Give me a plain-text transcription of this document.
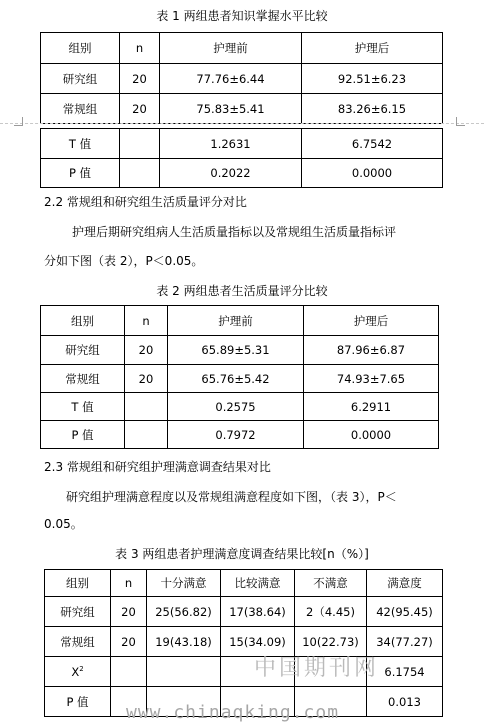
表 1 两组患者知识掌握水平比较
组别	n	护理前	护理后
研究组	20	77.76±6.44	92.51±6.23
常规组	20	75.83±5.41	83.26±6.15
T 值		1.2631	6.7542
P 值		0.2022	0.0000
2.2 常规组和研究组生活质量评分对比
护理后期研究组病人生活质量指标以及常规组生活质量指标评
分如下图（表 2），P＜0.05。
表 2 两组患者生活质量评分比较
组别	n	护理前	护理后
研究组	20	65.89±5.31	87.96±6.87
常规组	20	65.76±5.42	74.93±7.65
T 值		0.2575	6.2911
P 值		0.7972	0.0000
2.3 常规组和研究组护理满意调查结果对比
研究组护理满意程度以及常规组满意程度如下图，（表 3），P＜
0.05。
表 3 两组患者护理满意度调查结果比较[n（%）]
组别	n	十分满意	比较满意	不满意	满意度
研究组	20	25(56.82)	17(38.64)	2（4.45)	42(95.45)
常规组	20	19(43.18)	15(34.09)	10(22.73)	34(77.27)
$X^2$					6.1754
P 值					0.013
中国期刊网
www.chinaqking.com
